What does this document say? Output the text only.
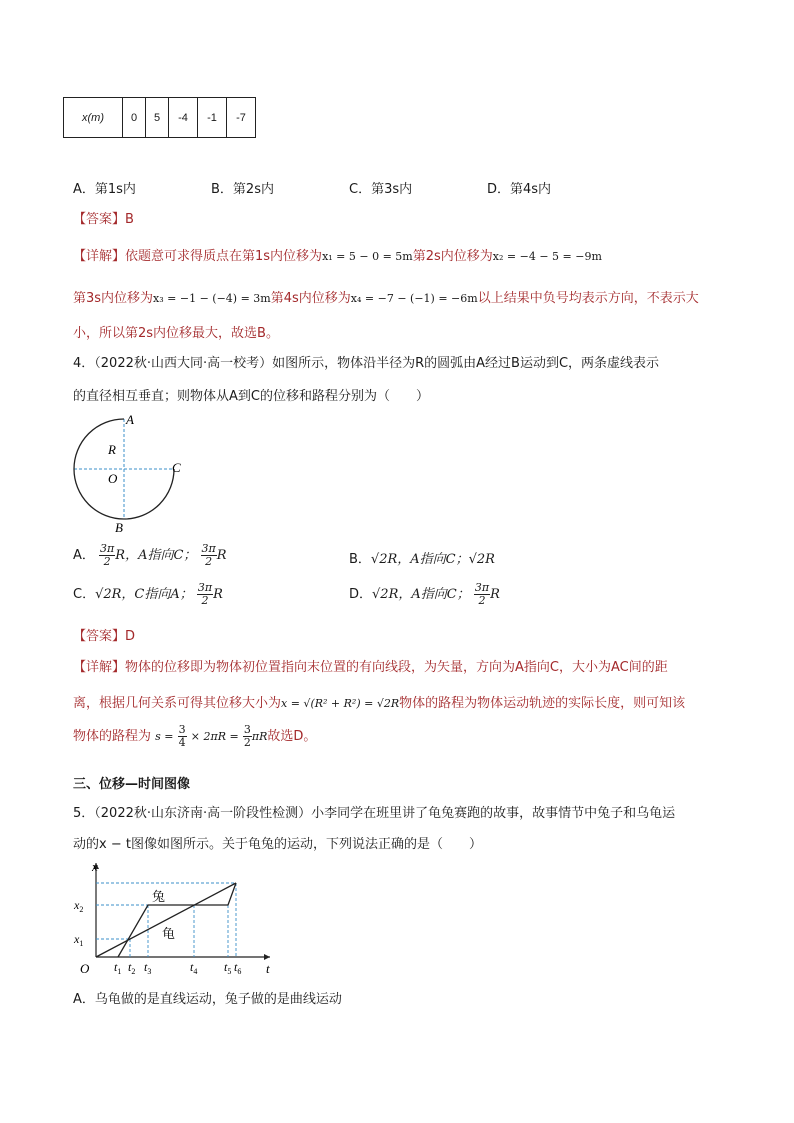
x(m)	0	5	-4	-1	-7
A．第1s内	B．第2s内	C．第3s内	D．第4s内
【答案】B
【详解】依题意可求得质点在第1s内位移为x₁ = 5 − 0 = 5m第2s内位移为x₂ = −4 − 5 = −9m
第3s内位移为x₃ = −1 − (−4) = 3m第4s内位移为x₄ = −7 − (−1) = −6m以上结果中负号均表示方向，不表示大
小，所以第2s内位移最大，故选B。
4．（2022秋·山西大同·高一校考）如图所示，物体沿半径为R的圆弧由A经过B运动到C，两条虚线表示
的直径相互垂直；则物体从A到C的位移和路程分别为（　　）
A
R
O
C
B
A． $\frac{3\pi}{2}$ R，A指向C； $\frac{3\pi}{2}$ R	B．√2R，A指向C；√2R
C．√2R，C指向A； $\frac{3\pi}{2}$ R	D．√2R，A指向C； $\frac{3\pi}{2}$ R
【答案】D
【详解】物体的位移即为物体初位置指向末位置的有向线段，为矢量，方向为A指向C，大小为AC间的距
离，根据几何关系可得其位移大小为x = √(R² + R²) = √2R物体的路程为物体运动轨迹的实际长度，则可知该
物体的路程为 $s = \frac{3}{4} \times 2\pi R = \frac{3}{2}$ πR故选D。
三、位移—时间图像
5．（2022秋·山东济南·高一阶段性检测）小李同学在班里讲了龟兔赛跑的故事，故事情节中兔子和乌龟运
动的x − t图像如图所示。关于龟兔的运动，下列说法正确的是（　　）
兔
龟
x
t
O $t_1$ $t_2$ $t_3$	$t_4$ $t_5$ $t_6$
$x_2$
$x_1$
A．乌龟做的是直线运动，兔子做的是曲线运动
